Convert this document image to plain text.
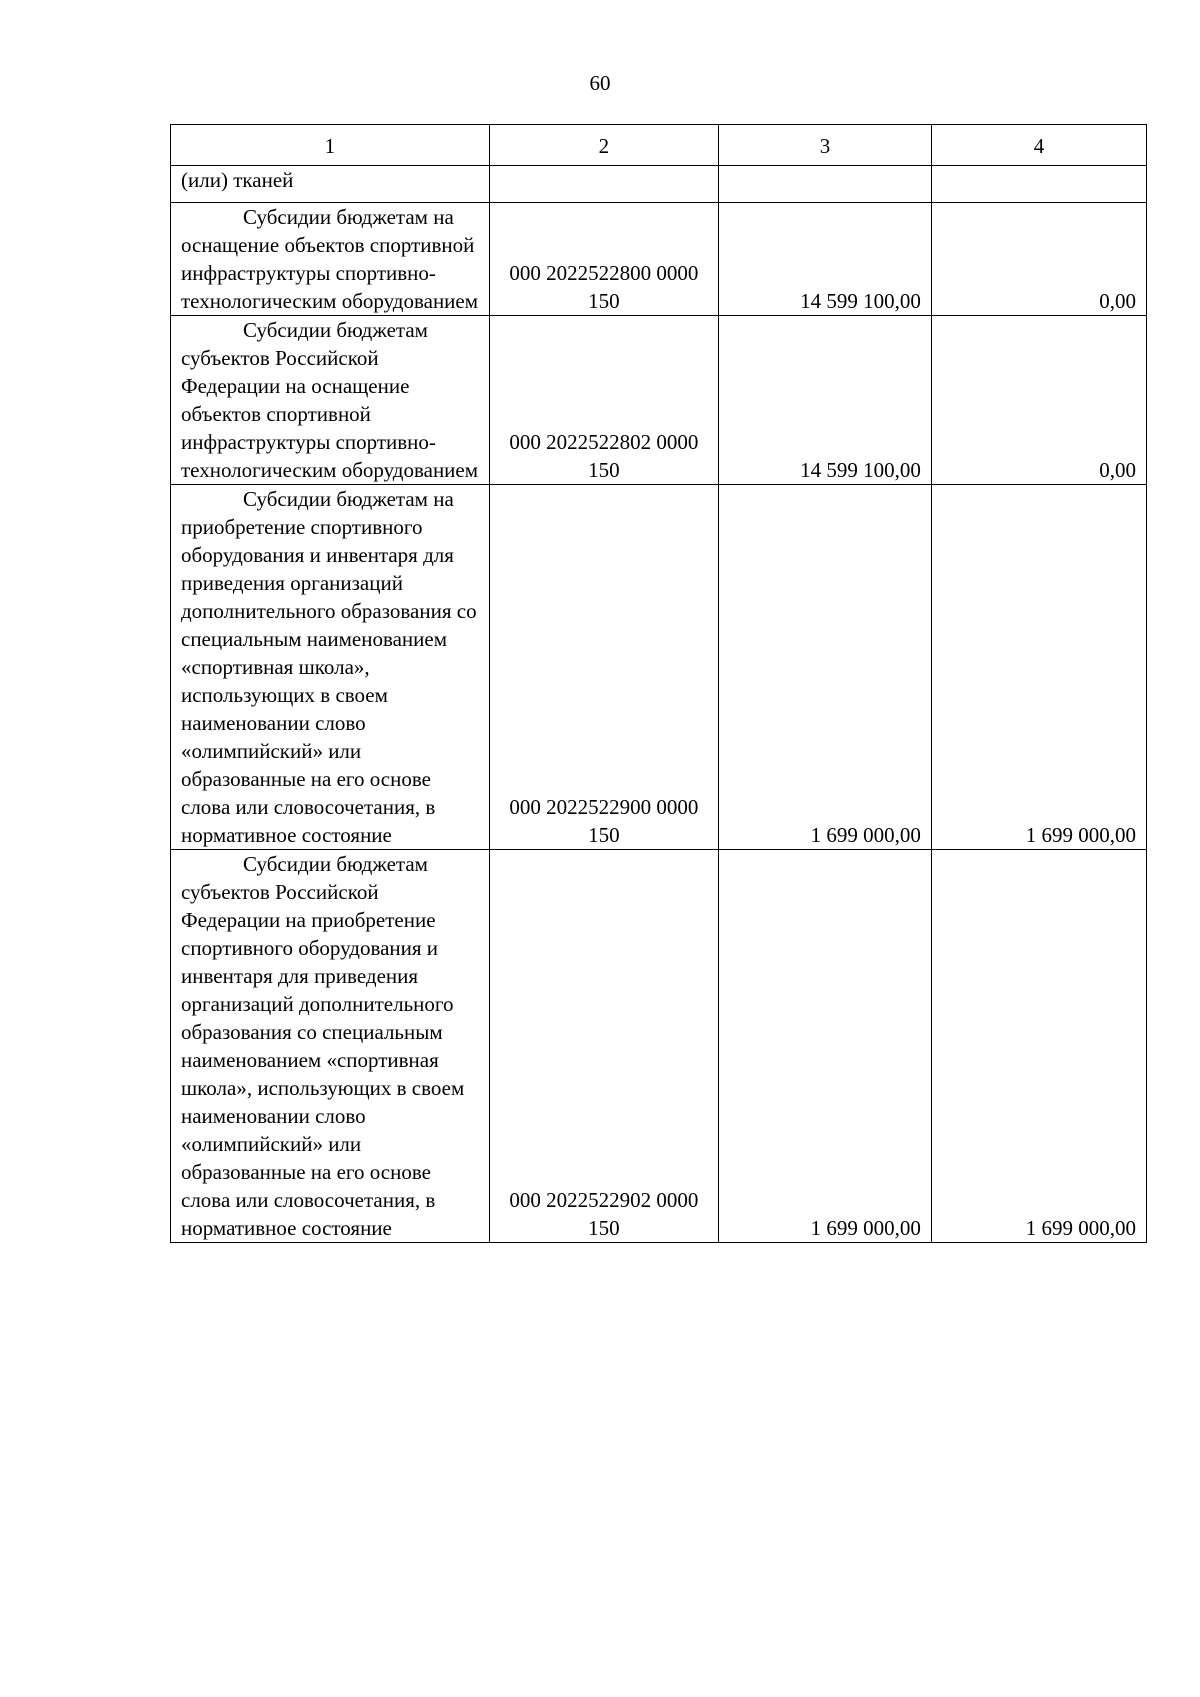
60
1	2	3	4
(или) тканей			
Субсидии бюджетам на оснащение объектов спортивной инфраструктуры спортивно-технологическим оборудованием	000 2022522800 0000 150	14 599 100,00	0,00
Субсидии бюджетам субъектов Российской Федерации на оснащение объектов спортивной инфраструктуры спортивно-технологическим оборудованием	000 2022522802 0000 150	14 599 100,00	0,00
Субсидии бюджетам на приобретение спортивного оборудования и инвентаря для приведения организаций дополнительного образования со специальным наименованием «спортивная школа», использующих в своем наименовании слово «олимпийский» или образованные на его основе слова или словосочетания, в нормативное состояние	000 2022522900 0000 150	1 699 000,00	1 699 000,00
Субсидии бюджетам субъектов Российской Федерации на приобретение спортивного оборудования и инвентаря для приведения организаций дополнительного образования со специальным наименованием «спортивная школа», использующих в своем наименовании слово «олимпийский» или образованные на его основе слова или словосочетания, в нормативное состояние	000 2022522902 0000 150	1 699 000,00	1 699 000,00
